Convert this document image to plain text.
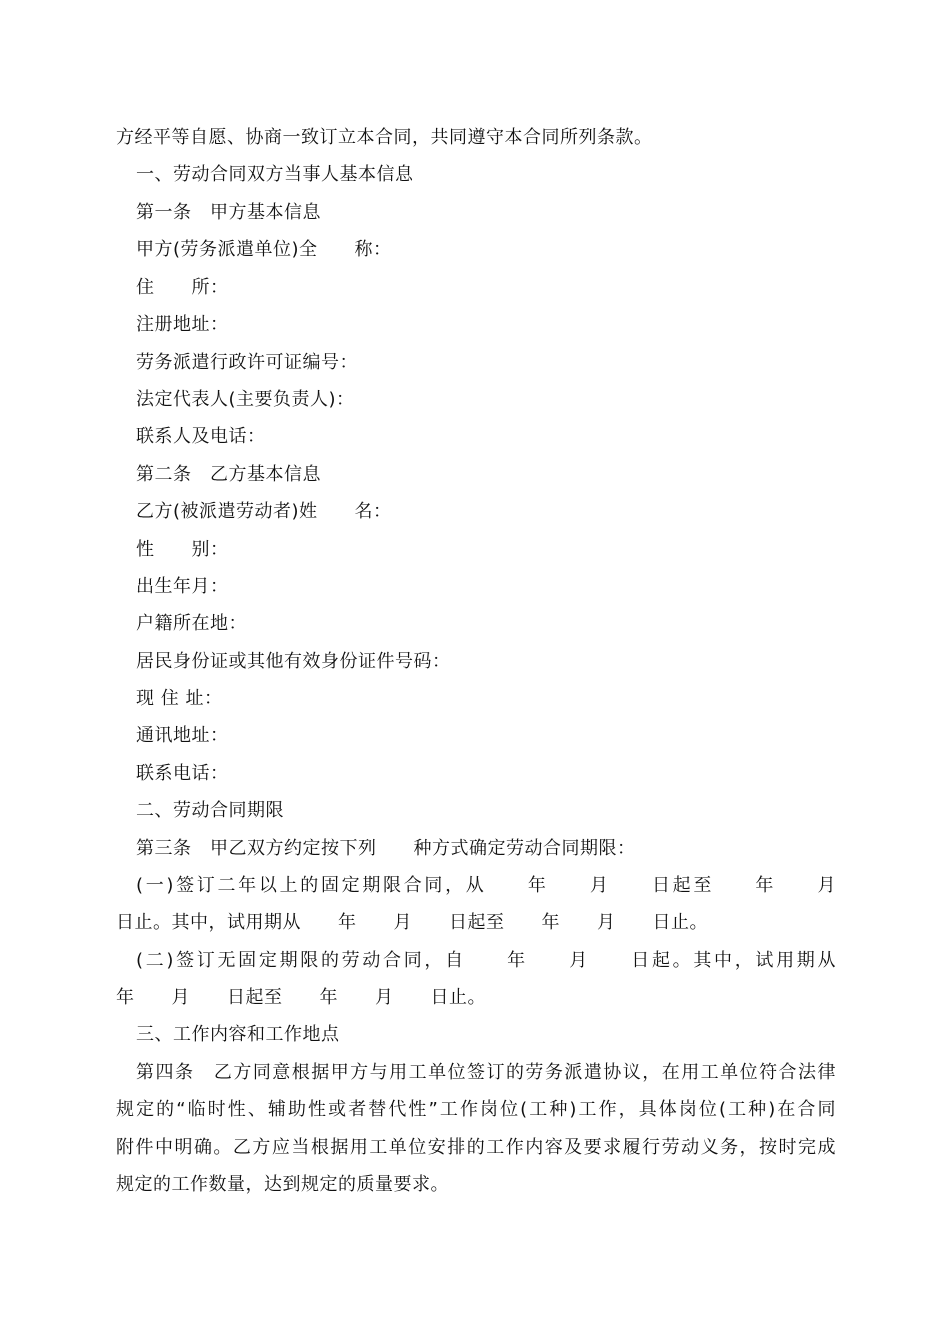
方经平等自愿、协商一致订立本合同，共同遵守本合同所列条款。
一、劳动合同双方当事人基本信息
第一条　甲方基本信息
甲方(劳务派遣单位)全　　称：
住　　所：
注册地址：
劳务派遣行政许可证编号：
法定代表人(主要负责人)：
联系人及电话：
第二条　乙方基本信息
乙方(被派遣劳动者)姓　　名：
性　　别：
出生年月：
户籍所在地：
居民身份证或其他有效身份证件号码：
现 住 址：
通讯地址：
联系电话：
二、劳动合同期限
第三条　甲乙双方约定按下列　　种方式确定劳动合同期限：
(一)签订二年以上的固定期限合同，从　　年　　月　　日起至　　年　　月
日止。其中，试用期从　　年　　月　　日起至　　年　　月　　日止。
(二)签订无固定期限的劳动合同，自　　年　　月　　日起。其中，试用期从
年　　月　　日起至　　年　　月　　日止。
三、工作内容和工作地点
第四条　乙方同意根据甲方与用工单位签订的劳务派遣协议，在用工单位符合法律
规定的“临时性、辅助性或者替代性”工作岗位(工种)工作，具体岗位(工种)在合同
附件中明确。乙方应当根据用工单位安排的工作内容及要求履行劳动义务，按时完成
规定的工作数量，达到规定的质量要求。
